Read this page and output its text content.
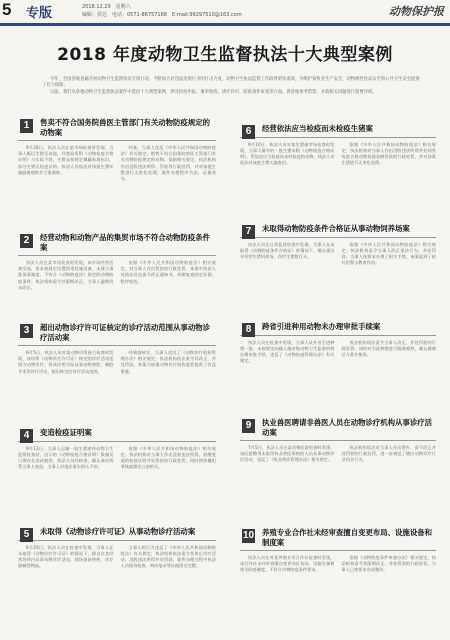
5 专版	2018.12.29　星期六
编辑：侯达　电话：0571-86757168　E-mail:99297510@163.com	动物保护报
2018 年度动物卫生监督执法十大典型案例

今年，全国各地普遍开展动物卫生监督执法专项行动，不断加大对违法违规行为的打击力度，动物卫生执法监督工作取得明显成效，为维护畜牧业生产安全、动物源性食品安全和公共卫生安全提供了有力保障。

日前，我们从各地动物卫生监督执法案件中选出十大典型案例，涉及检疫申报、屠宰检疫、诊疗许可、防疫条件审查等方面，供各地参考借鉴，并就相关问题进行简要评析。

1	售卖不符合国务院兽医主管部门有关动物防疫规定的动物案

9月26日，执法人员在某市场检查时发现，当事人贩运生猪至该地，经查验所附《动物检疫合格证明》与实际不符，生猪未按规定佩戴畜禽标识，部分生猪无检疫证明。执法人员依法对该批生猪实施隔离观察并立案调查。

经查，当事人违反《中华人民共和国动物防疫法》有关规定，销售不符合国务院兽医主管部门有关动物防疫规定的动物。依据相关规定，执法机构作出没收违法所得、罚款等行政处罚，并对该批生猪进行无害化处理，案件办理程序合法，证据充分。

2	经营动物和动物产品的集贸市场不符合动物防疫条件案

执法人员在某市场检查时发现，该市场经营活禽交易，但未按规定设置消毒设施设备，未建立清洗消毒制度，不符合《动物防疫法》规定的动物防疫条件。执法机构责令其限期改正，当事人逾期仍未改正。

依据《中华人民共和国动物防疫法》相关规定，对当事人作出罚款的行政处罚。本案中执法人员依法送达责令改正通知书，到期复查固定证据，程序规范。

3	超出动物诊疗许可证核定的诊疗活动范围从事动物诊疗活动案

6月5日，执法人员对某动物诊所进行检查时发现，该诊所《动物诊疗许可证》核定的诊疗活动范围为动物诊疗，但该诊所实际从事动物颅腔、胸腔手术等诊疗活动，超出核定的诊疗活动范围。

经调查核实，当事人违反了《动物诊疗机构管理办法》相关规定，执法机构依法责令其改正，并处罚款。本案为加强动物诊疗机构监管提供了有益借鉴。

4	变造检疫证明案

9月13日，当事人运输一批生猪途经动物卫生监督检查站，出示的《动物检疫合格证明》数量及日期存在涂改痕迹。执法人员经核查，确认该证明系当事人变造，当事人对违法事实供认不讳。

依据《中华人民共和国动物防疫法》相关规定，执法机构对当事人作出没收违法所得、收缴变造的检疫证明并处罚款的行政处罚，同时将涉嫌犯罪线索移送公安机关。

5	未取得《动物诊疗许可证》从事动物诊疗活动案

6月25日，执法人员在检查中发现，当事人在未取得《动物诊疗许可证》的情况下，擅自在其经营场所内从事动物诊疗活动，现场查获兽药、诊疗器械等物品。

当事人的行为违反了《中华人民共和国动物防疫法》有关规定，执法机构依法责令其停止诊疗活动，没收违法所得并处罚款。案件办理过程中执法人员现场检查、询问笔录等证据固定完整。

6	经营依法应当检疫而未检疫生猪案

9月10日，执法人员对某生猪屠宰场检查时发现，当事人屠宰的一批生猪未附《动物检疫合格证明》，系依法应当检疫而未经检疫的动物。执法人员依法对该批生猪实施查封。

依据《中华人民共和国动物防疫法》相关规定，执法机构对当事人作出没收违法所得并处同类检疫合格动物货值金额罚款的行政处罚，并对涉案生猪进行无害化处理。

7	未取得动物防疫条件合格证从事动物饲养场案

执法人员在日常监督检查中发现，当事人在未取得《动物防疫条件合格证》的情况下，擅自建设并经营生猪饲养场，存栏生猪数百头。

依据《中华人民共和国动物防疫法》相关规定，执法机构责令当事人改正违法行为，并处罚款。当事人按要求办理了相关手续，该案起到了较好的警示教育作用。

8	跨省引进种用动物未办理审批手续案

执法人员在检查中发现，当事人从外省引进种猪一批，未按规定向输入地省级动物卫生监督机构办理审批手续，违反了《动物检疫管理办法》有关规定。

执法机构依法责令当事人改正，并处罚款的行政处罚，同时对引进种猪进行隔离观察，确认健康后方准许使用。

9	执业兽医聘请非兽医人员在动物诊疗机构从事诊疗活动案

7月5日，执法人员在某动物医院检查时发现，该医院聘用未取得执业兽医资格的人员从事动物诊疗活动，违反了《执业兽医管理办法》相关规定。

执法机构依法对当事人作出警告、责令改正并处罚款的行政处罚，进一步规范了辖区动物诊疗行业执业行为。

10	养殖专业合作社未经审查擅自变更布局、设施设备和制度案

执法人员在对某养殖专业合作社检查时发现，该合作社未经审查擅自变更场区布局、设施设备和相关防疫制度，不符合动物防疫条件要求。

依据《动物防疫条件审查办法》相关规定，执法机构责令其限期改正，并处罚款的行政处罚，当事人已按要求完成整改。
